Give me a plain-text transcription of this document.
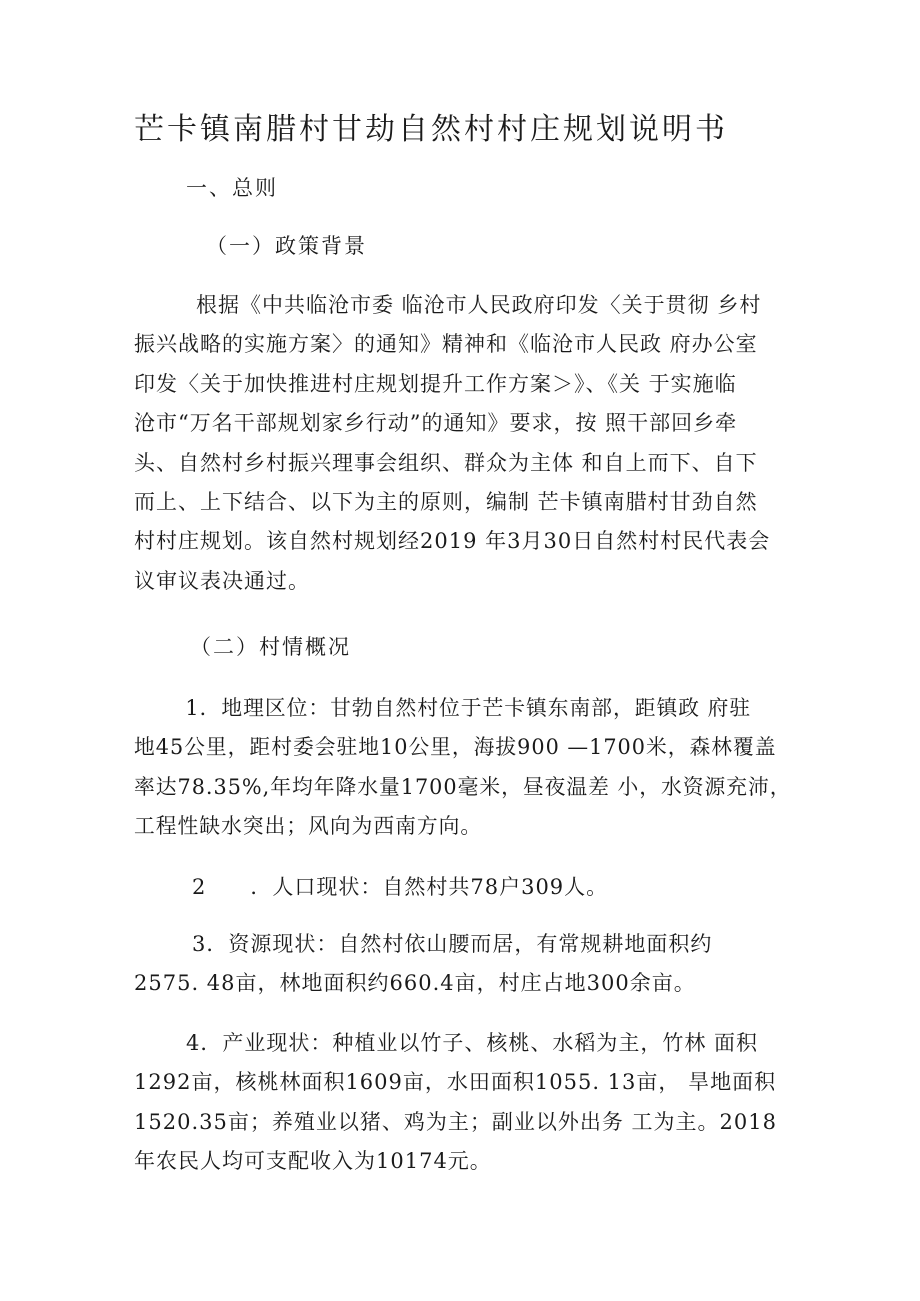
芒卡镇南腊村甘劫自然村村庄规划说明书
一、总则
（一）政策背景
根据《中共临沧市委 临沧市人民政府印发〈关于贯彻 乡村
振兴战略的实施方案〉的通知》精神和《临沧市人民政 府办公室
印发〈关于加快推进村庄规划提升工作方案＞》、《关 于实施临
沧市“万名干部规划家乡行动”的通知》要求，按 照干部回乡牵
头、自然村乡村振兴理事会组织、群众为主体 和自上而下、自下
而上、上下结合、以下为主的原则，编制 芒卡镇南腊村甘劲自然
村村庄规划。该自然村规划经2019 年3月30日自然村村民代表会
议审议表决通过。
（二）村情概况
1．地理区位：甘勃自然村位于芒卡镇东南部，距镇政 府驻
地45公里，距村委会驻地10公里，海拔900 —1700米，森林覆盖
率达78.35%,年均年降水量1700毫米，昼夜温差 小，水资源充沛，
工程性缺水突出；风向为西南方向。
2　　．人口现状：自然村共78户309人。
3．资源现状：自然村依山腰而居，有常规耕地面积约
2575. 48亩，林地面积约660.4亩，村庄占地300余亩。
4．产业现状：种植业以竹子、核桃、水稻为主，竹林 面积
1292亩，核桃林面积1609亩，水田面积1055. 13亩， 旱地面积
1520.35亩；养殖业以猪、鸡为主；副业以外出务 工为主。2018
年农民人均可支配收入为10174元。
